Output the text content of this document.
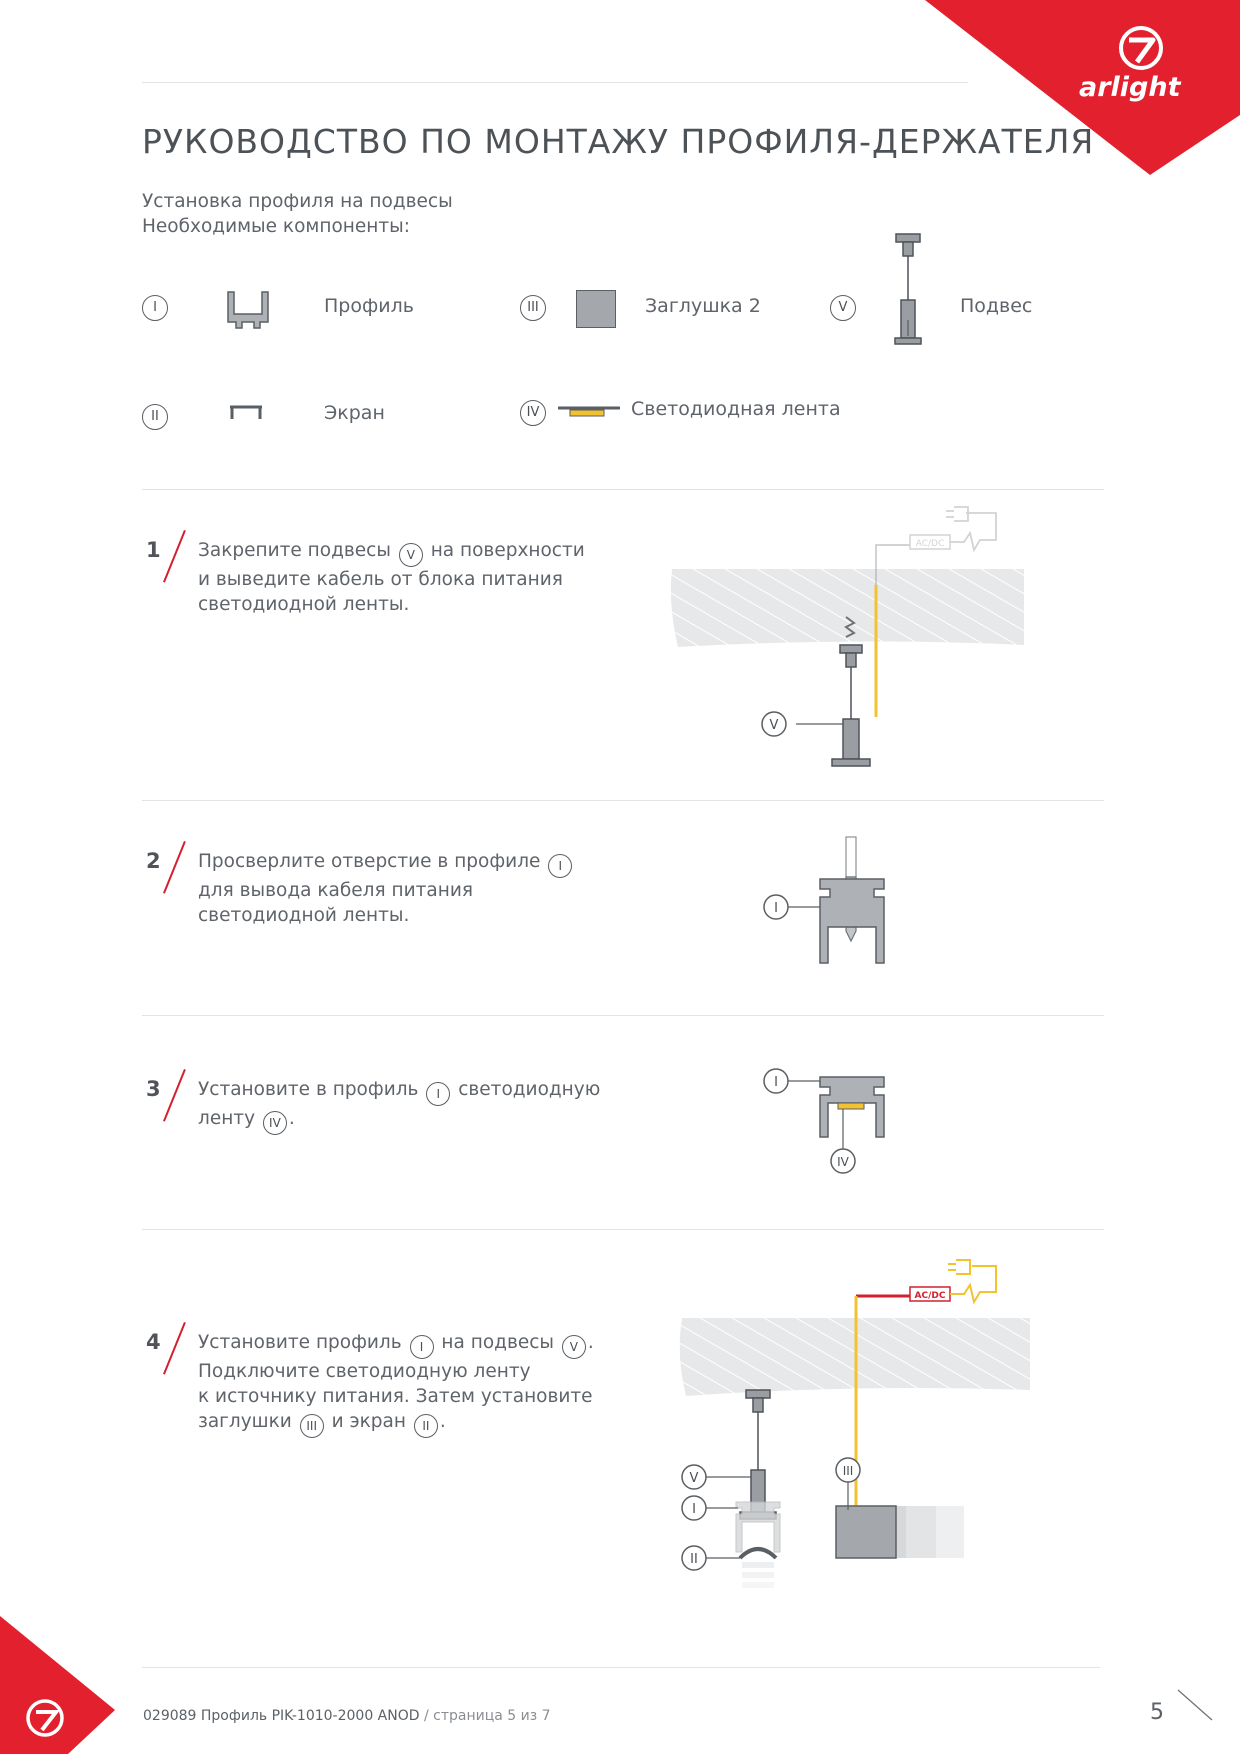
arlight
РУКОВОДСТВО ПО МОНТАЖУ ПРОФИЛЯ-ДЕРЖАТЕЛЯ
Установка профиля на подвесы
Необходимые компоненты:
I	Профиль
II	Экран
III	Заглушка 2
IV	Светодиодная лента
V	Подвес
1 Закрепите подвесы V на поверхности
и выведите кабель от блока питания
светодиодной ленты.
AC/DC
V
2 Просверлите отверстие в профиле I
для вывода кабеля питания
светодиодной ленты.	I
3 Установите в профиль I светодиодную
ленту IV .
I
IV
4 Установите профиль I на подвесы V .
Подключите светодиодную ленту
к источнику питания. Затем установите
заглушки III и экран II .
AC/DC
V
I
II
III
029089 Профиль PIK-1010-2000 ANOD / страница 5 из 7	5
